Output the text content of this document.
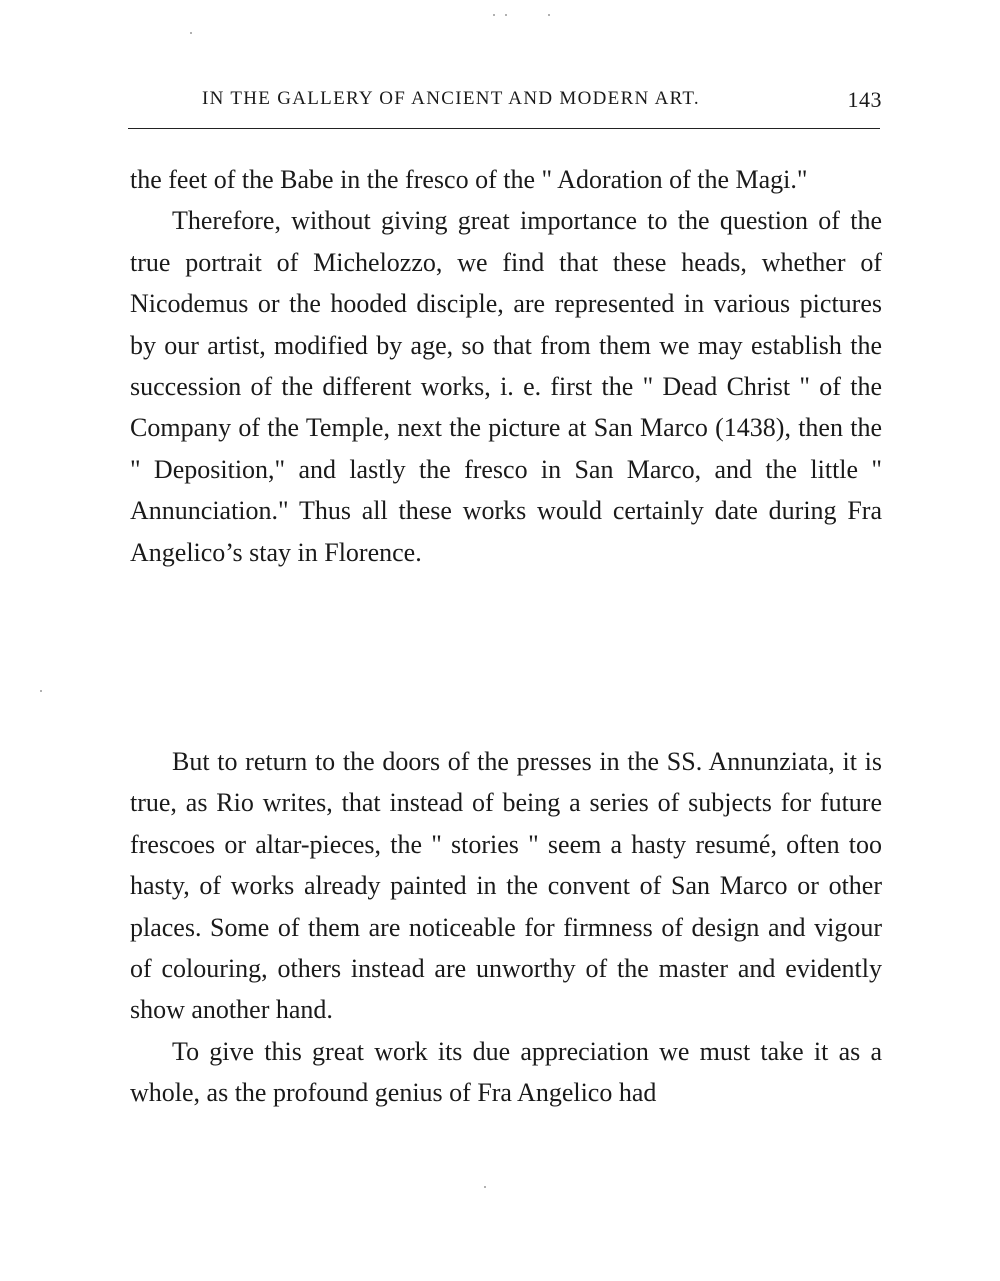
IN THE GALLERY OF ANCIENT AND MODERN ART.	143

the feet of the Babe in the fresco of the " Adoration of the Magi."

Therefore, without giving great importance to the question of the true portrait of Michelozzo, we find that these heads, whether of Nicodemus or the hooded disciple, are represented in various pictures by our artist, modified by age, so that from them we may establish the succession of the different works, i. e. first the " Dead Christ " of the Company of the Temple, next the picture at San Marco (1438), then the " Deposition," and lastly the fresco in San Marco, and the little " Annunciation." Thus all these works would certainly date during Fra Angelico’s stay in Florence.

But to return to the doors of the presses in the SS. Annunziata, it is true, as Rio writes, that instead of being a series of subjects for future frescoes or altar-pieces, the " stories " seem a hasty resumé, often too hasty, of works already painted in the convent of San Marco or other places. Some of them are noticeable for firmness of design and vigour of colouring, others instead are unworthy of the master and evidently show another hand.

To give this great work its due appreciation we must take it as a whole, as the profound genius of Fra Angelico had
